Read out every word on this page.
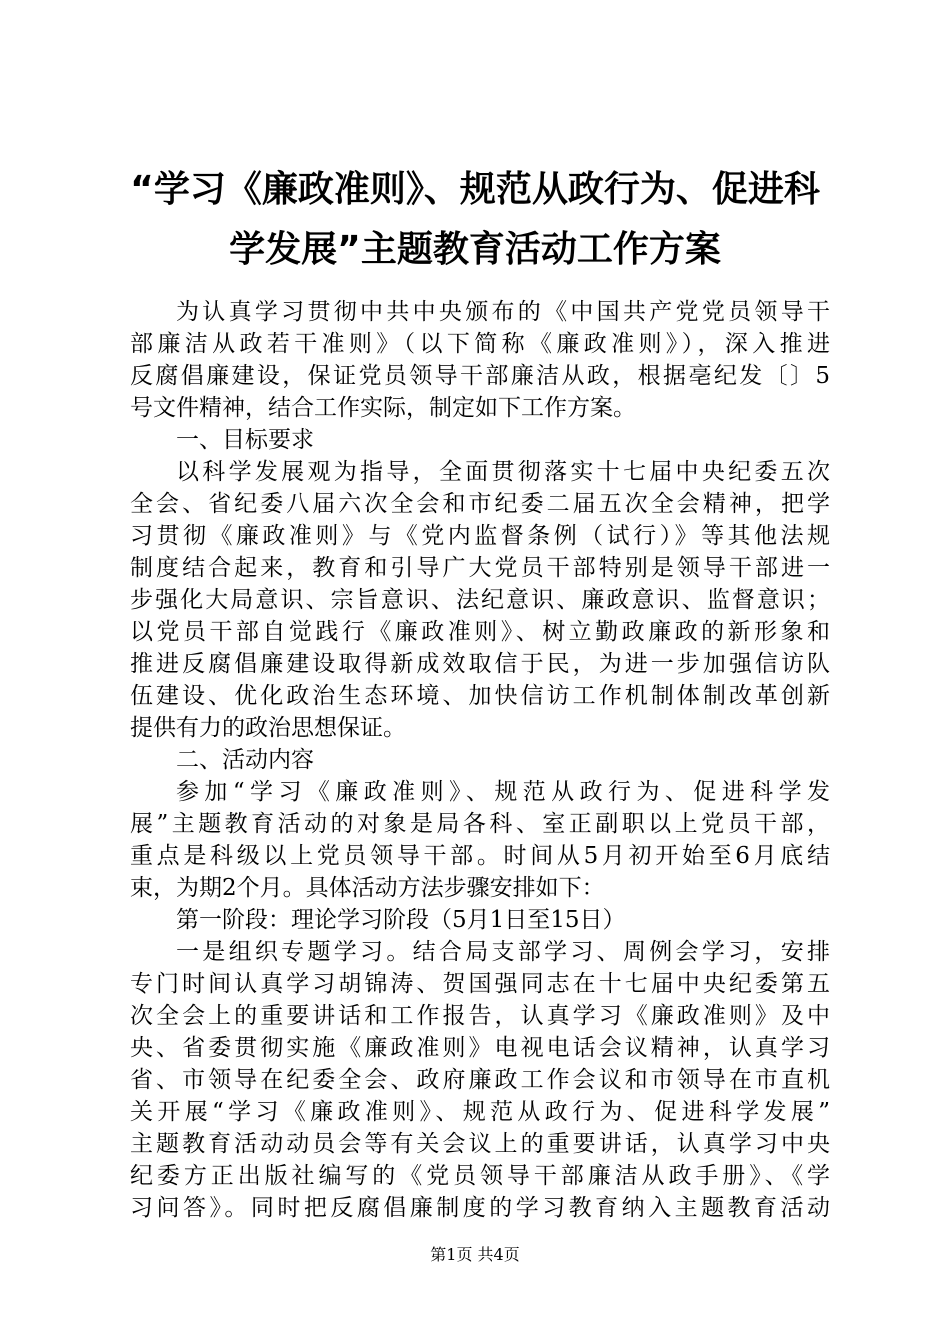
“学习《廉政准则》、规范从政行为、促进科
学发展”主题教育活动工作方案
为认真学习贯彻中共中央颁布的《中国共产党党员领导干
部廉洁从政若干准则》（以下简称《廉政准则》），深入推进
反腐倡廉建设，保证党员领导干部廉洁从政，根据亳纪发〔〕5
号文件精神，结合工作实际，制定如下工作方案。
一、目标要求
以科学发展观为指导，全面贯彻落实十七届中央纪委五次
全会、省纪委八届六次全会和市纪委二届五次全会精神，把学
习贯彻《廉政准则》与《党内监督条例（试行）》等其他法规
制度结合起来，教育和引导广大党员干部特别是领导干部进一
步强化大局意识、宗旨意识、法纪意识、廉政意识、监督意识；
以党员干部自觉践行《廉政准则》、树立勤政廉政的新形象和
推进反腐倡廉建设取得新成效取信于民，为进一步加强信访队
伍建设、优化政治生态环境、加快信访工作机制体制改革创新
提供有力的政治思想保证。
二、活动内容
参加“学习《廉政准则》、规范从政行为、促进科学发
展”主题教育活动的对象是局各科、室正副职以上党员干部，
重点是科级以上党员领导干部。时间从5月初开始至6月底结
束，为期2个月。具体活动方法步骤安排如下：
第一阶段：理论学习阶段（5月1日至15日）
一是组织专题学习。结合局支部学习、周例会学习，安排
专门时间认真学习胡锦涛、贺国强同志在十七届中央纪委第五
次全会上的重要讲话和工作报告，认真学习《廉政准则》及中
央、省委贯彻实施《廉政准则》电视电话会议精神，认真学习
省、市领导在纪委全会、政府廉政工作会议和市领导在市直机
关开展“学习《廉政准则》、规范从政行为、促进科学发展”
主题教育活动动员会等有关会议上的重要讲话，认真学习中央
纪委方正出版社编写的《党员领导干部廉洁从政手册》、《学
习问答》。同时把反腐倡廉制度的学习教育纳入主题教育活动
第1页 共4页
